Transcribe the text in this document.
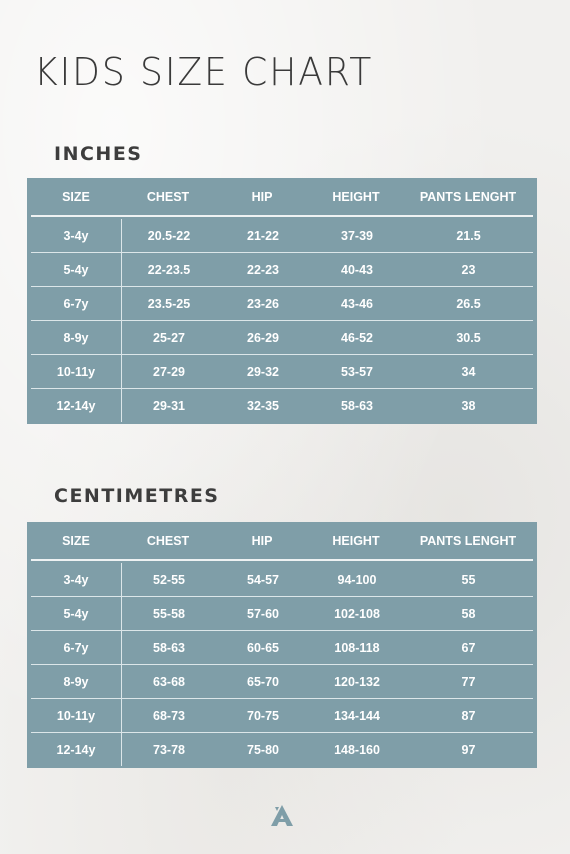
KIDS SIZE CHART
INCHES
SIZE	CHEST	HIP	HEIGHT	PANTS LENGHT
3-4y	20.5-22	21-22	37-39	21.5
5-4y	22-23.5	22-23	40-43	23
6-7y	23.5-25	23-26	43-46	26.5
8-9y	25-27	26-29	46-52	30.5
10-11y	27-29	29-32	53-57	34
12-14y	29-31	32-35	58-63	38
CENTIMETRES
SIZE	CHEST	HIP	HEIGHT	PANTS LENGHT
3-4y	52-55	54-57	94-100	55
5-4y	55-58	57-60	102-108	58
6-7y	58-63	60-65	108-118	67
8-9y	63-68	65-70	120-132	77
10-11y	68-73	70-75	134-144	87
12-14y	73-78	75-80	148-160	97
